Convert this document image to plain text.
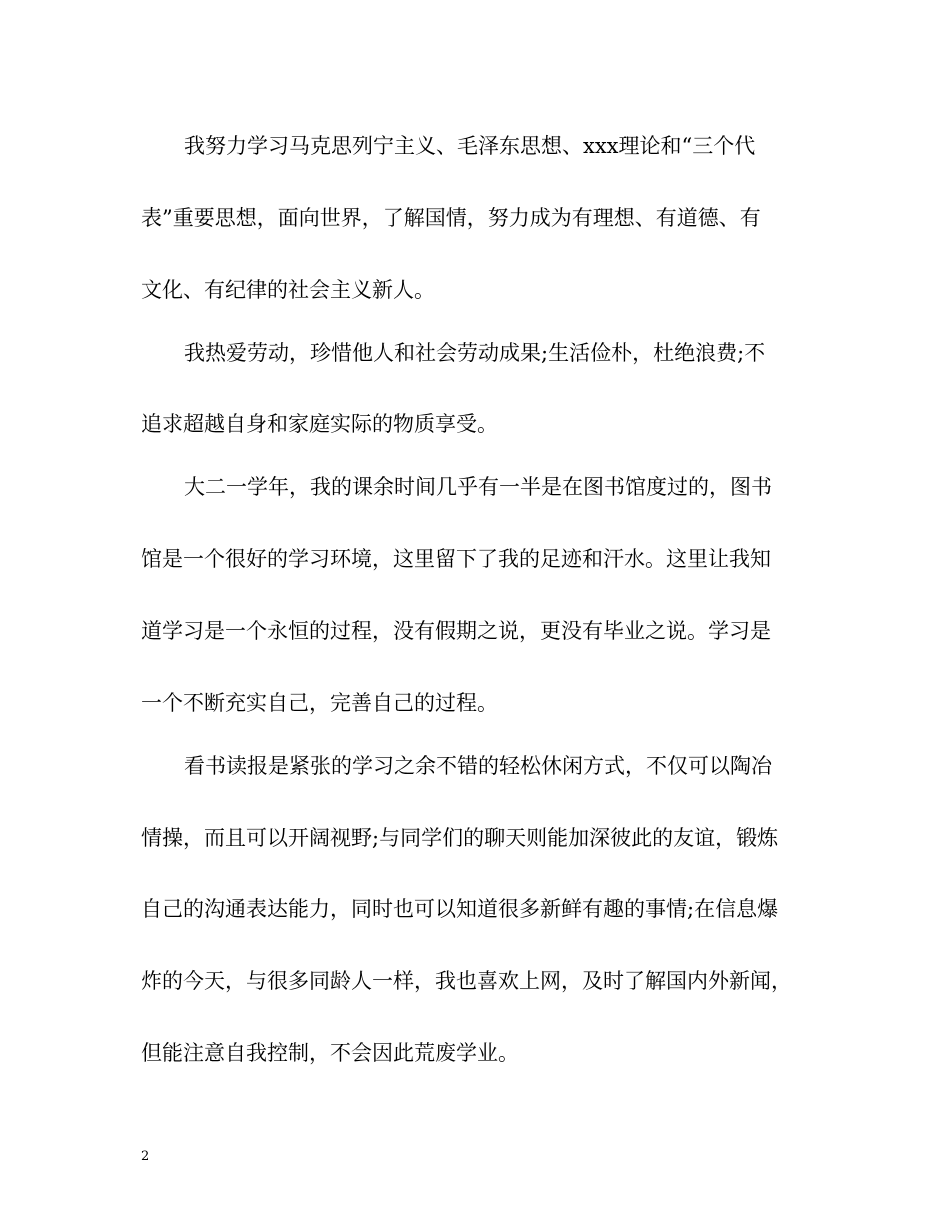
我努力学习马克思列宁主义、毛泽东思想、xxx理论和“三个代

表”重要思想，面向世界，了解国情，努力成为有理想、有道德、有

文化、有纪律的社会主义新人。

我热爱劳动，珍惜他人和社会劳动成果;生活俭朴，杜绝浪费;不

追求超越自身和家庭实际的物质享受。

大二一学年，我的课余时间几乎有一半是在图书馆度过的，图书

馆是一个很好的学习环境，这里留下了我的足迹和汗水。这里让我知

道学习是一个永恒的过程，没有假期之说，更没有毕业之说。学习是

一个不断充实自己，完善自己的过程。

看书读报是紧张的学习之余不错的轻松休闲方式，不仅可以陶冶

情操，而且可以开阔视野;与同学们的聊天则能加深彼此的友谊，锻炼

自己的沟通表达能力，同时也可以知道很多新鲜有趣的事情;在信息爆

炸的今天，与很多同龄人一样，我也喜欢上网，及时了解国内外新闻，

但能注意自我控制，不会因此荒废学业。

2
